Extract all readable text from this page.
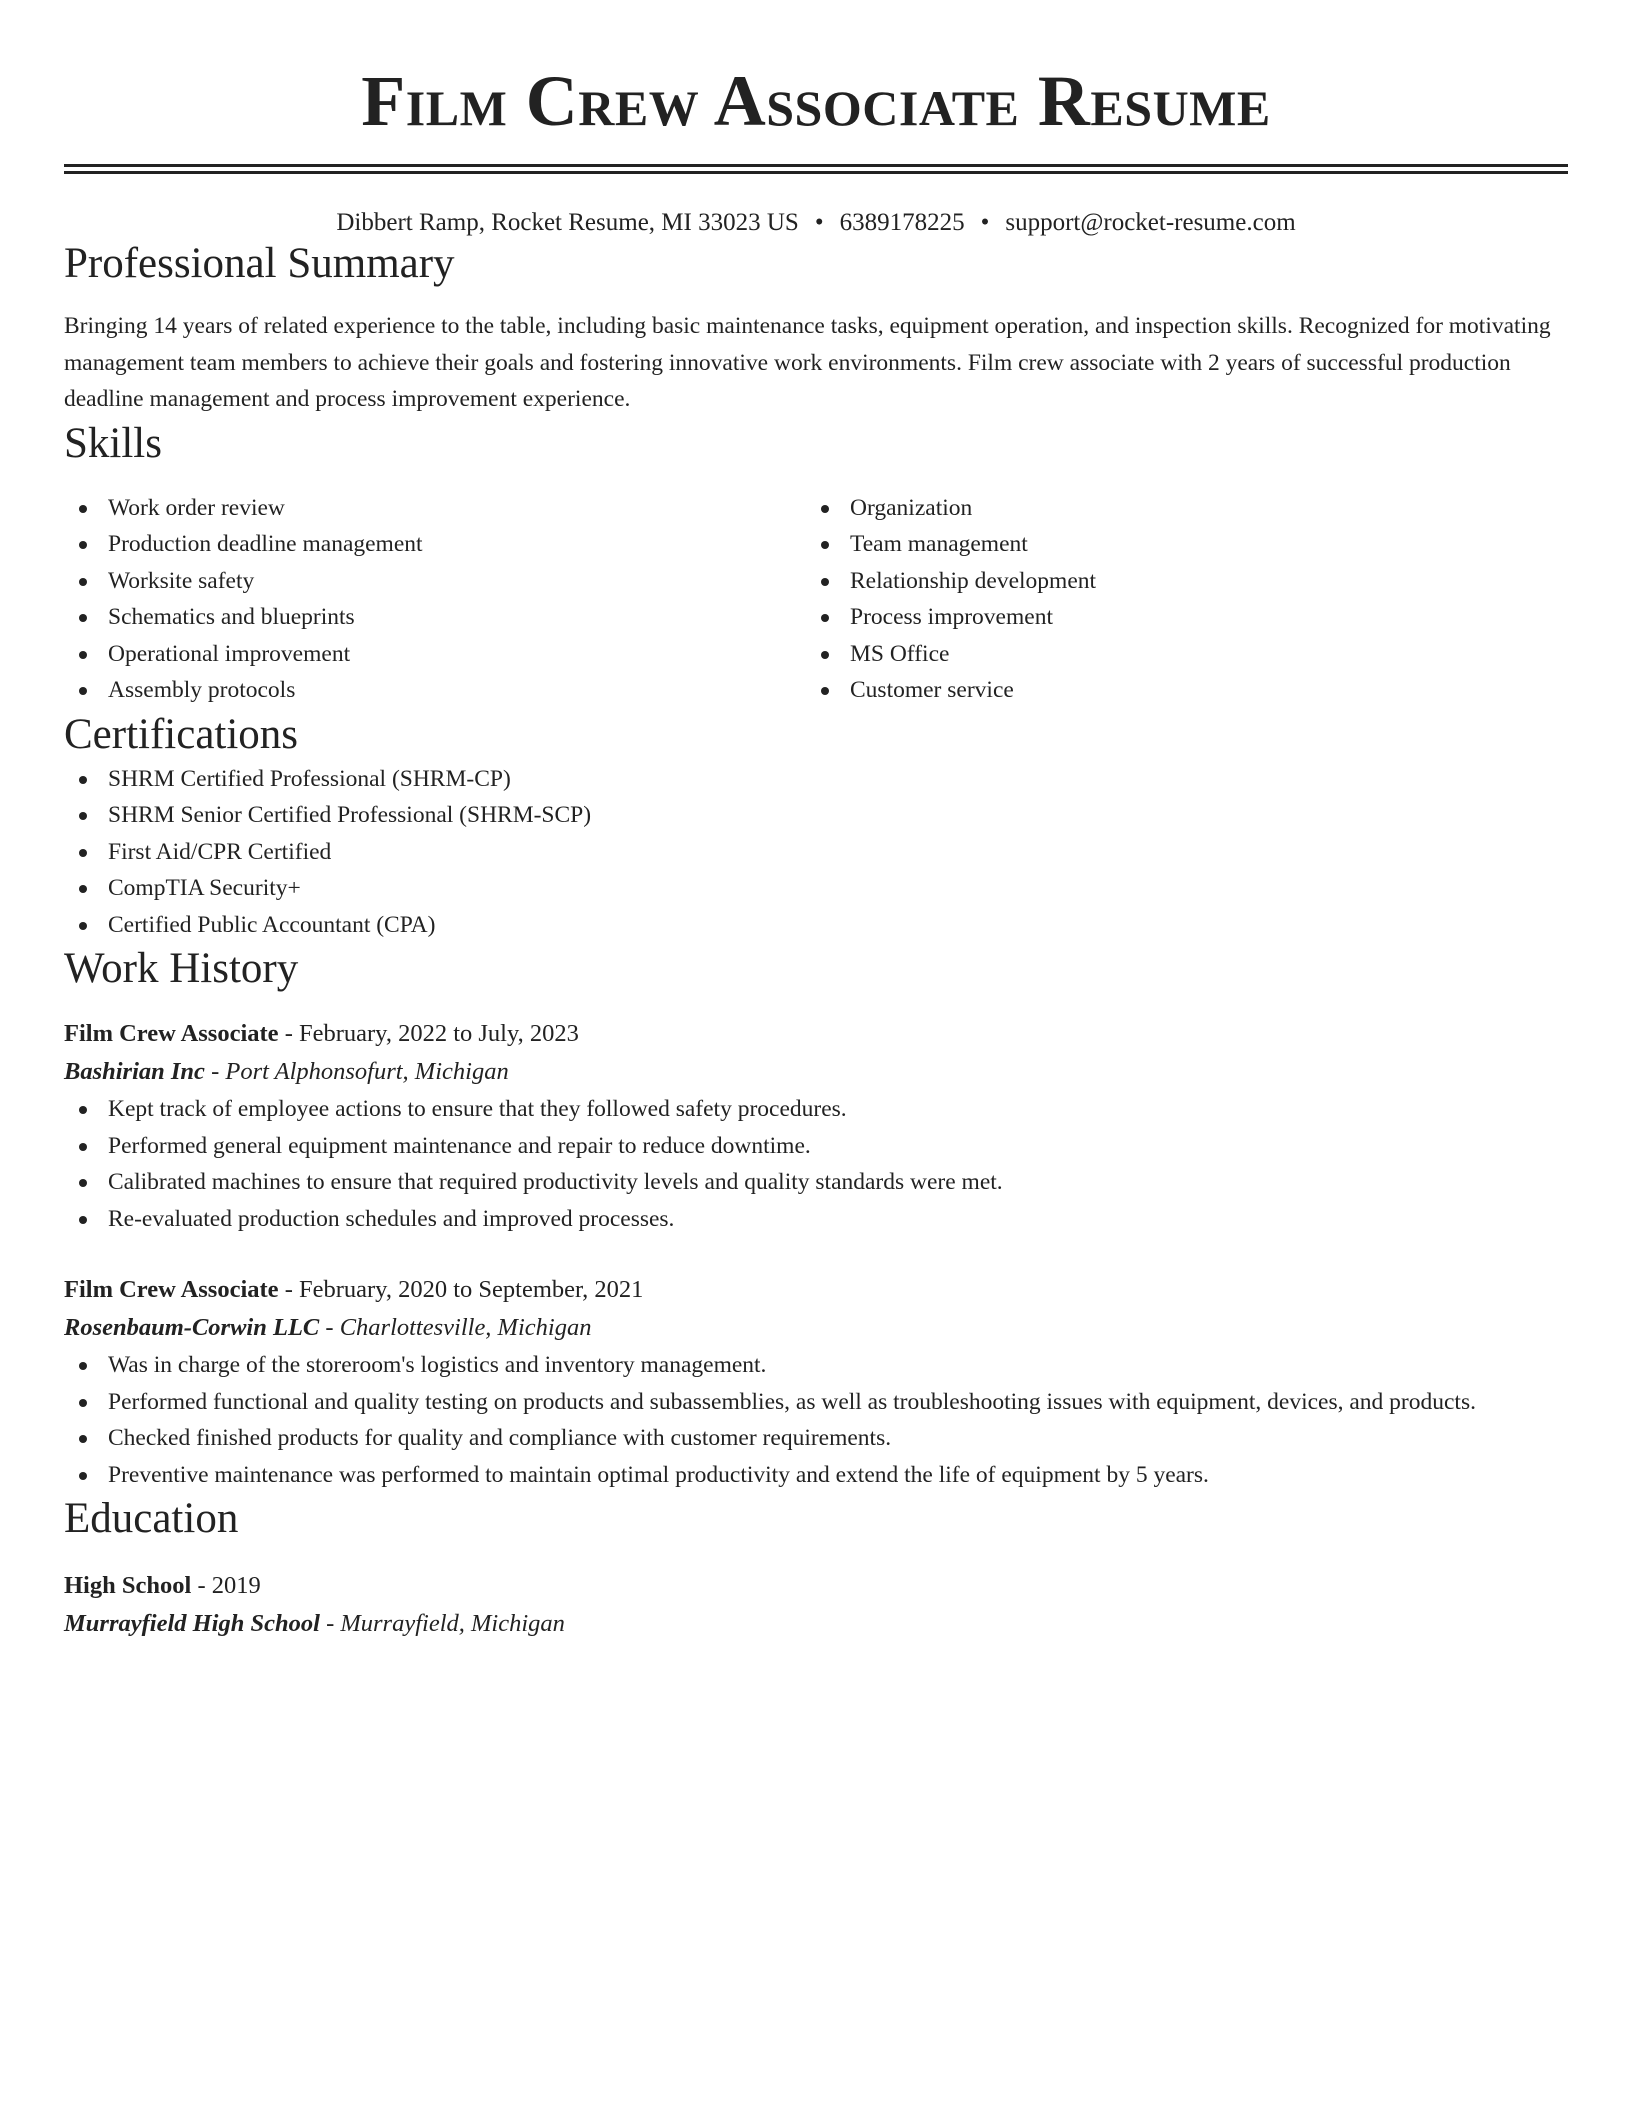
Film Crew Associate Resume
Dibbert Ramp, Rocket Resume, MI 33023 US • 6389178225 • support@rocket-resume.com
Professional Summary

Bringing 14 years of related experience to the table, including basic maintenance tasks, equipment operation, and inspection skills. Recognized for motivating management team members to achieve their goals and fostering innovative work environments. Film crew associate with 2 years of successful production deadline management and process improvement experience.

Skills
Work order review
Production deadline management
Worksite safety
Schematics and blueprints
Operational improvement
Assembly protocols
Organization
Team management
Relationship development
Process improvement
MS Office
Customer service
Certifications
SHRM Certified Professional (SHRM-CP)
SHRM Senior Certified Professional (SHRM-SCP)
First Aid/CPR Certified
CompTIA Security+
Certified Public Accountant (CPA)
Work History
Film Crew Associate - February, 2022 to July, 2023
Bashirian Inc - Port Alphonsofurt, Michigan
Kept track of employee actions to ensure that they followed safety procedures.
Performed general equipment maintenance and repair to reduce downtime.
Calibrated machines to ensure that required productivity levels and quality standards were met.
Re-evaluated production schedules and improved processes.
Film Crew Associate - February, 2020 to September, 2021
Rosenbaum-Corwin LLC - Charlottesville, Michigan
Was in charge of the storeroom's logistics and inventory management.
Performed functional and quality testing on products and subassemblies, as well as troubleshooting issues with equipment, devices, and products.
Checked finished products for quality and compliance with customer requirements.
Preventive maintenance was performed to maintain optimal productivity and extend the life of equipment by 5 years.
Education
High School - 2019
Murrayfield High School - Murrayfield, Michigan
